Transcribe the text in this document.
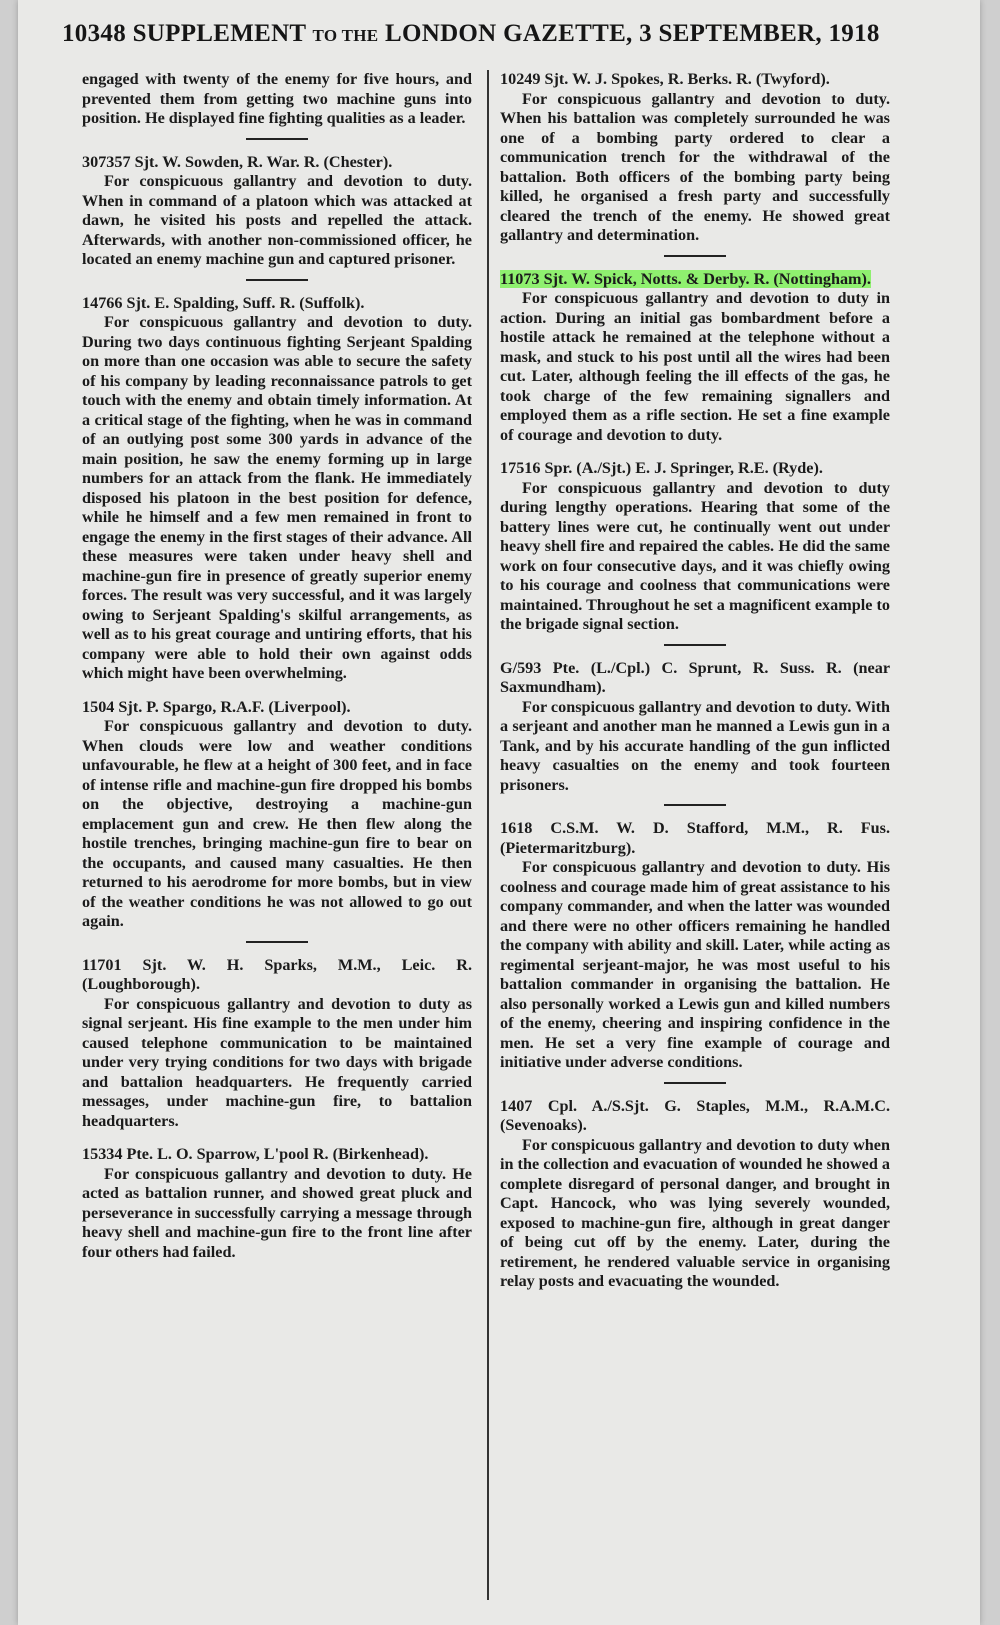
10348 SUPPLEMENT TO THE LONDON GAZETTE, 3 SEPTEMBER, 1918

engaged with twenty of the enemy for five hours, and prevented them from getting two machine guns into position. He displayed fine fighting qualities as a leader.

307357 Sjt. W. Sowden, R. War. R. (Chester).

For conspicuous gallantry and devotion to duty. When in command of a platoon which was attacked at dawn, he visited his posts and repelled the attack. Afterwards, with another non-commissioned officer, he located an enemy machine gun and captured prisoner.

14766 Sjt. E. Spalding, Suff. R. (Suffolk).

For conspicuous gallantry and devotion to duty. During two days continuous fighting Serjeant Spalding on more than one occasion was able to secure the safety of his company by leading reconnaissance patrols to get touch with the enemy and obtain timely information. At a critical stage of the fighting, when he was in command of an outlying post some 300 yards in advance of the main position, he saw the enemy forming up in large numbers for an attack from the flank. He immediately disposed his platoon in the best position for defence, while he himself and a few men remained in front to engage the enemy in the first stages of their advance. All these measures were taken under heavy shell and machine-gun fire in presence of greatly superior enemy forces. The result was very successful, and it was largely owing to Serjeant Spalding's skilful arrangements, as well as to his great courage and untiring efforts, that his company were able to hold their own against odds which might have been overwhelming.

1504 Sjt. P. Spargo, R.A.F. (Liverpool).

For conspicuous gallantry and devotion to duty. When clouds were low and weather conditions unfavourable, he flew at a height of 300 feet, and in face of intense rifle and machine-gun fire dropped his bombs on the objective, destroying a machine-gun emplacement gun and crew. He then flew along the hostile trenches, bringing machine-gun fire to bear on the occupants, and caused many casualties. He then returned to his aerodrome for more bombs, but in view of the weather conditions he was not allowed to go out again.

11701 Sjt. W. H. Sparks, M.M., Leic. R. (Loughborough).

For conspicuous gallantry and devotion to duty as signal serjeant. His fine example to the men under him caused telephone communication to be maintained under very trying conditions for two days with brigade and battalion headquarters. He frequently carried messages, under machine-gun fire, to battalion headquarters.

15334 Pte. L. O. Sparrow, L'pool R. (Birkenhead).

For conspicuous gallantry and devotion to duty. He acted as battalion runner, and showed great pluck and perseverance in successfully carrying a message through heavy shell and machine-gun fire to the front line after four others had failed.

10249 Sjt. W. J. Spokes, R. Berks. R. (Twyford).

For conspicuous gallantry and devotion to duty. When his battalion was completely surrounded he was one of a bombing party ordered to clear a communication trench for the withdrawal of the battalion. Both officers of the bombing party being killed, he organised a fresh party and successfully cleared the trench of the enemy. He showed great gallantry and determination.

11073 Sjt. W. Spick, Notts. & Derby. R. (Nottingham).

For conspicuous gallantry and devotion to duty in action. During an initial gas bombardment before a hostile attack he remained at the telephone without a mask, and stuck to his post until all the wires had been cut. Later, although feeling the ill effects of the gas, he took charge of the few remaining signallers and employed them as a rifle section. He set a fine example of courage and devotion to duty.

17516 Spr. (A./Sjt.) E. J. Springer, R.E. (Ryde).

For conspicuous gallantry and devotion to duty during lengthy operations. Hearing that some of the battery lines were cut, he continually went out under heavy shell fire and repaired the cables. He did the same work on four consecutive days, and it was chiefly owing to his courage and coolness that communications were maintained. Throughout he set a magnificent example to the brigade signal section.

G/593 Pte. (L./Cpl.) C. Sprunt, R. Suss. R. (near Saxmundham).

For conspicuous gallantry and devotion to duty. With a serjeant and another man he manned a Lewis gun in a Tank, and by his accurate handling of the gun inflicted heavy casualties on the enemy and took fourteen prisoners.

1618 C.S.M. W. D. Stafford, M.M., R. Fus. (Pietermaritzburg).

For conspicuous gallantry and devotion to duty. His coolness and courage made him of great assistance to his company commander, and when the latter was wounded and there were no other officers remaining he handled the company with ability and skill. Later, while acting as regimental serjeant-major, he was most useful to his battalion commander in organising the battalion. He also personally worked a Lewis gun and killed numbers of the enemy, cheering and inspiring confidence in the men. He set a very fine example of courage and initiative under adverse conditions.

1407 Cpl. A./S.Sjt. G. Staples, M.M., R.A.M.C. (Sevenoaks).

For conspicuous gallantry and devotion to duty when in the collection and evacuation of wounded he showed a complete disregard of personal danger, and brought in Capt. Hancock, who was lying severely wounded, exposed to machine-gun fire, although in great danger of being cut off by the enemy. Later, during the retirement, he rendered valuable service in organising relay posts and evacuating the wounded.
